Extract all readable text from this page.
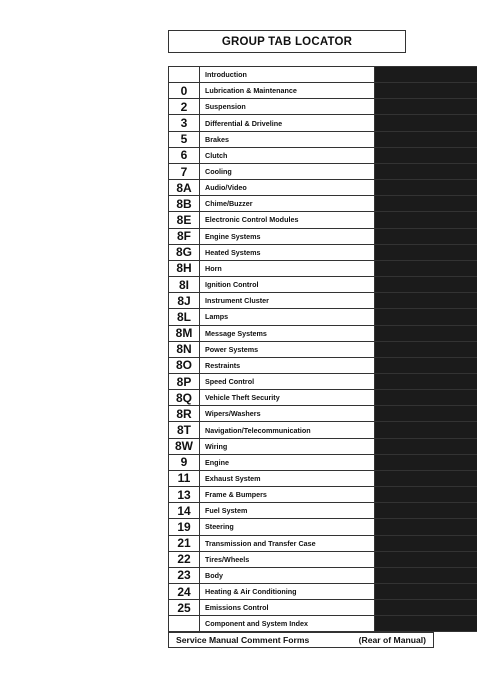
GROUP TAB LOCATOR
Introduction
0	Lubrication & Maintenance
2	Suspension
3	Differential & Driveline
5	Brakes
6	Clutch
7	Cooling
8A	Audio/Video
8B	Chime/Buzzer
8E	Electronic Control Modules
8F	Engine Systems
8G	Heated Systems
8H	Horn
8I	Ignition Control
8J	Instrument Cluster
8L	Lamps
8M	Message Systems
8N	Power Systems
8O	Restraints
8P	Speed Control
8Q	Vehicle Theft Security
8R	Wipers/Washers
8T	Navigation/Telecommunication
8W	Wiring
9	Engine
11	Exhaust System
13	Frame & Bumpers
14	Fuel System
19	Steering
21	Transmission and Transfer Case
22	Tires/Wheels
23	Body
24	Heating & Air Conditioning
25	Emissions Control
Component and System Index
Service Manual Comment Forms	(Rear of Manual)
